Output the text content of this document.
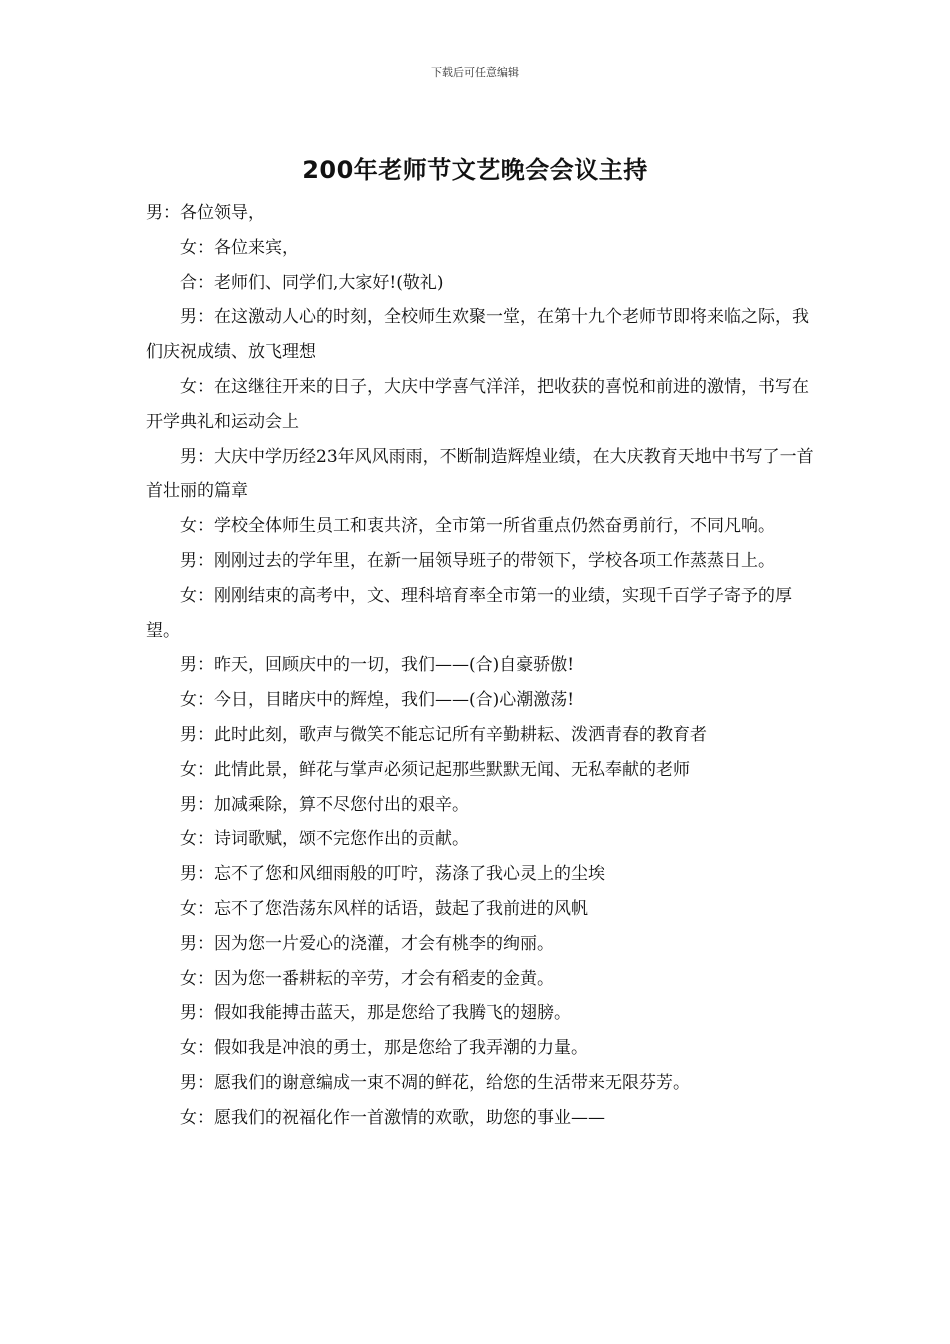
下载后可任意编辑
200年老师节文艺晚会会议主持

男：各位领导，

女：各位来宾，

合：老师们、同学们,大家好!(敬礼)

男：在这激动人心的时刻，全校师生欢聚一堂，在第十九个老师节即将来临之际，我们庆祝成绩、放飞理想

女：在这继往开来的日子，大庆中学喜气洋洋，把收获的喜悦和前进的激情，书写在开学典礼和运动会上

男：大庆中学历经23年风风雨雨，不断制造辉煌业绩，在大庆教育天地中书写了一首首壮丽的篇章

女：学校全体师生员工和衷共济，全市第一所省重点仍然奋勇前行，不同凡响。

男：刚刚过去的学年里，在新一届领导班子的带领下，学校各项工作蒸蒸日上。

女：刚刚结束的高考中，文、理科培育率全市第一的业绩，实现千百学子寄予的厚望。

男：昨天，回顾庆中的一切，我们——(合)自豪骄傲!

女：今日，目睹庆中的辉煌，我们——(合)心潮激荡!

男：此时此刻，歌声与微笑不能忘记所有辛勤耕耘、泼洒青春的教育者

女：此情此景，鲜花与掌声必须记起那些默默无闻、无私奉献的老师

男：加减乘除，算不尽您付出的艰辛。

女：诗词歌赋，颂不完您作出的贡献。

男：忘不了您和风细雨般的叮咛，荡涤了我心灵上的尘埃

女：忘不了您浩荡东风样的话语，鼓起了我前进的风帆

男：因为您一片爱心的浇灌，才会有桃李的绚丽。

女：因为您一番耕耘的辛劳，才会有稻麦的金黄。

男：假如我能搏击蓝天，那是您给了我腾飞的翅膀。

女：假如我是冲浪的勇士，那是您给了我弄潮的力量。

男：愿我们的谢意编成一束不凋的鲜花，给您的生活带来无限芬芳。

女：愿我们的祝福化作一首激情的欢歌，助您的事业——
